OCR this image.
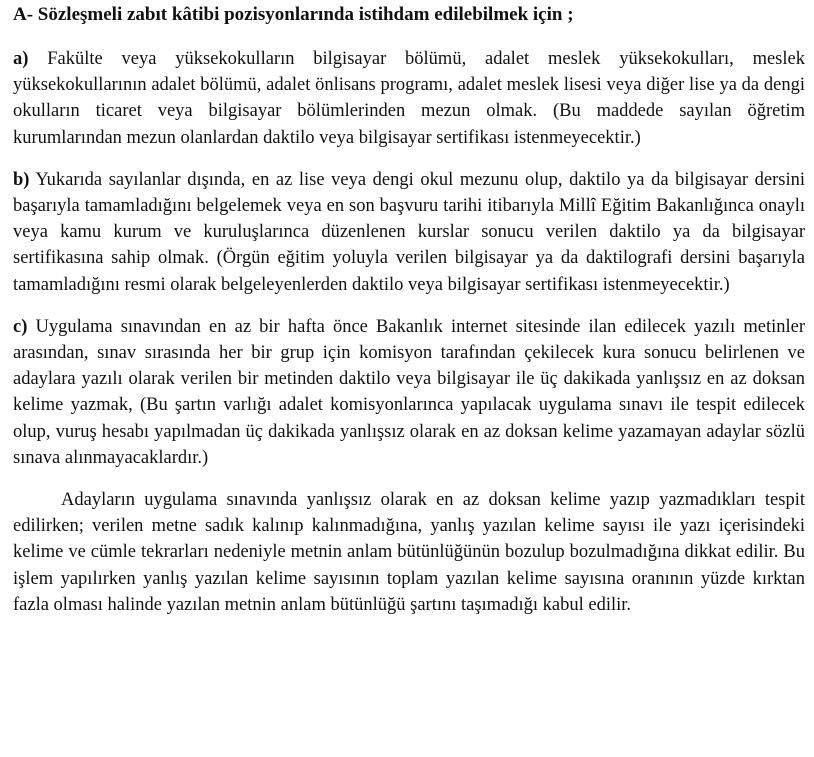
A- Sözleşmeli zabıt kâtibi pozisyonlarında istihdam edilebilmek için ;

a) Fakülte veya yüksekokulların bilgisayar bölümü, adalet meslek yüksekokulları, meslek yüksekokullarının adalet bölümü, adalet önlisans programı, adalet meslek lisesi veya diğer lise ya da dengi okulların ticaret veya bilgisayar bölümlerinden mezun olmak. (Bu maddede sayılan öğretim kurumlarından mezun olanlardan daktilo veya bilgisayar sertifikası istenmeyecektir.)

b) Yukarıda sayılanlar dışında, en az lise veya dengi okul mezunu olup, daktilo ya da bilgisayar dersini başarıyla tamamladığını belgelemek veya en son başvuru tarihi itibarıyla Millî Eğitim Bakanlığınca onaylı veya kamu kurum ve kuruluşlarınca düzenlenen kurslar sonucu verilen daktilo ya da bilgisayar sertifikasına sahip olmak. (Örgün eğitim yoluyla verilen bilgisayar ya da daktilografi dersini başarıyla tamamladığını resmi olarak belgeleyenlerden daktilo veya bilgisayar sertifikası istenmeyecektir.)

c) Uygulama sınavından en az bir hafta önce Bakanlık internet sitesinde ilan edilecek yazılı metinler arasından, sınav sırasında her bir grup için komisyon tarafından çekilecek kura sonucu belirlenen ve adaylara yazılı olarak verilen bir metinden daktilo veya bilgisayar ile üç dakikada yanlışsız en az doksan kelime yazmak, (Bu şartın varlığı adalet komisyonlarınca yapılacak uygulama sınavı ile tespit edilecek olup, vuruş hesabı yapılmadan üç dakikada yanlışsız olarak en az doksan kelime yazamayan adaylar sözlü sınava alınmayacaklardır.)

Adayların uygulama sınavında yanlışsız olarak en az doksan kelime yazıp yazmadıkları tespit edilirken; verilen metne sadık kalınıp kalınmadığına, yanlış yazılan kelime sayısı ile yazı içerisindeki kelime ve cümle tekrarları nedeniyle metnin anlam bütünlüğünün bozulup bozulmadığına dikkat edilir. Bu işlem yapılırken yanlış yazılan kelime sayısının toplam yazılan kelime sayısına oranının yüzde kırktan fazla olması halinde yazılan metnin anlam bütünlüğü şartını taşımadığı kabul edilir.
